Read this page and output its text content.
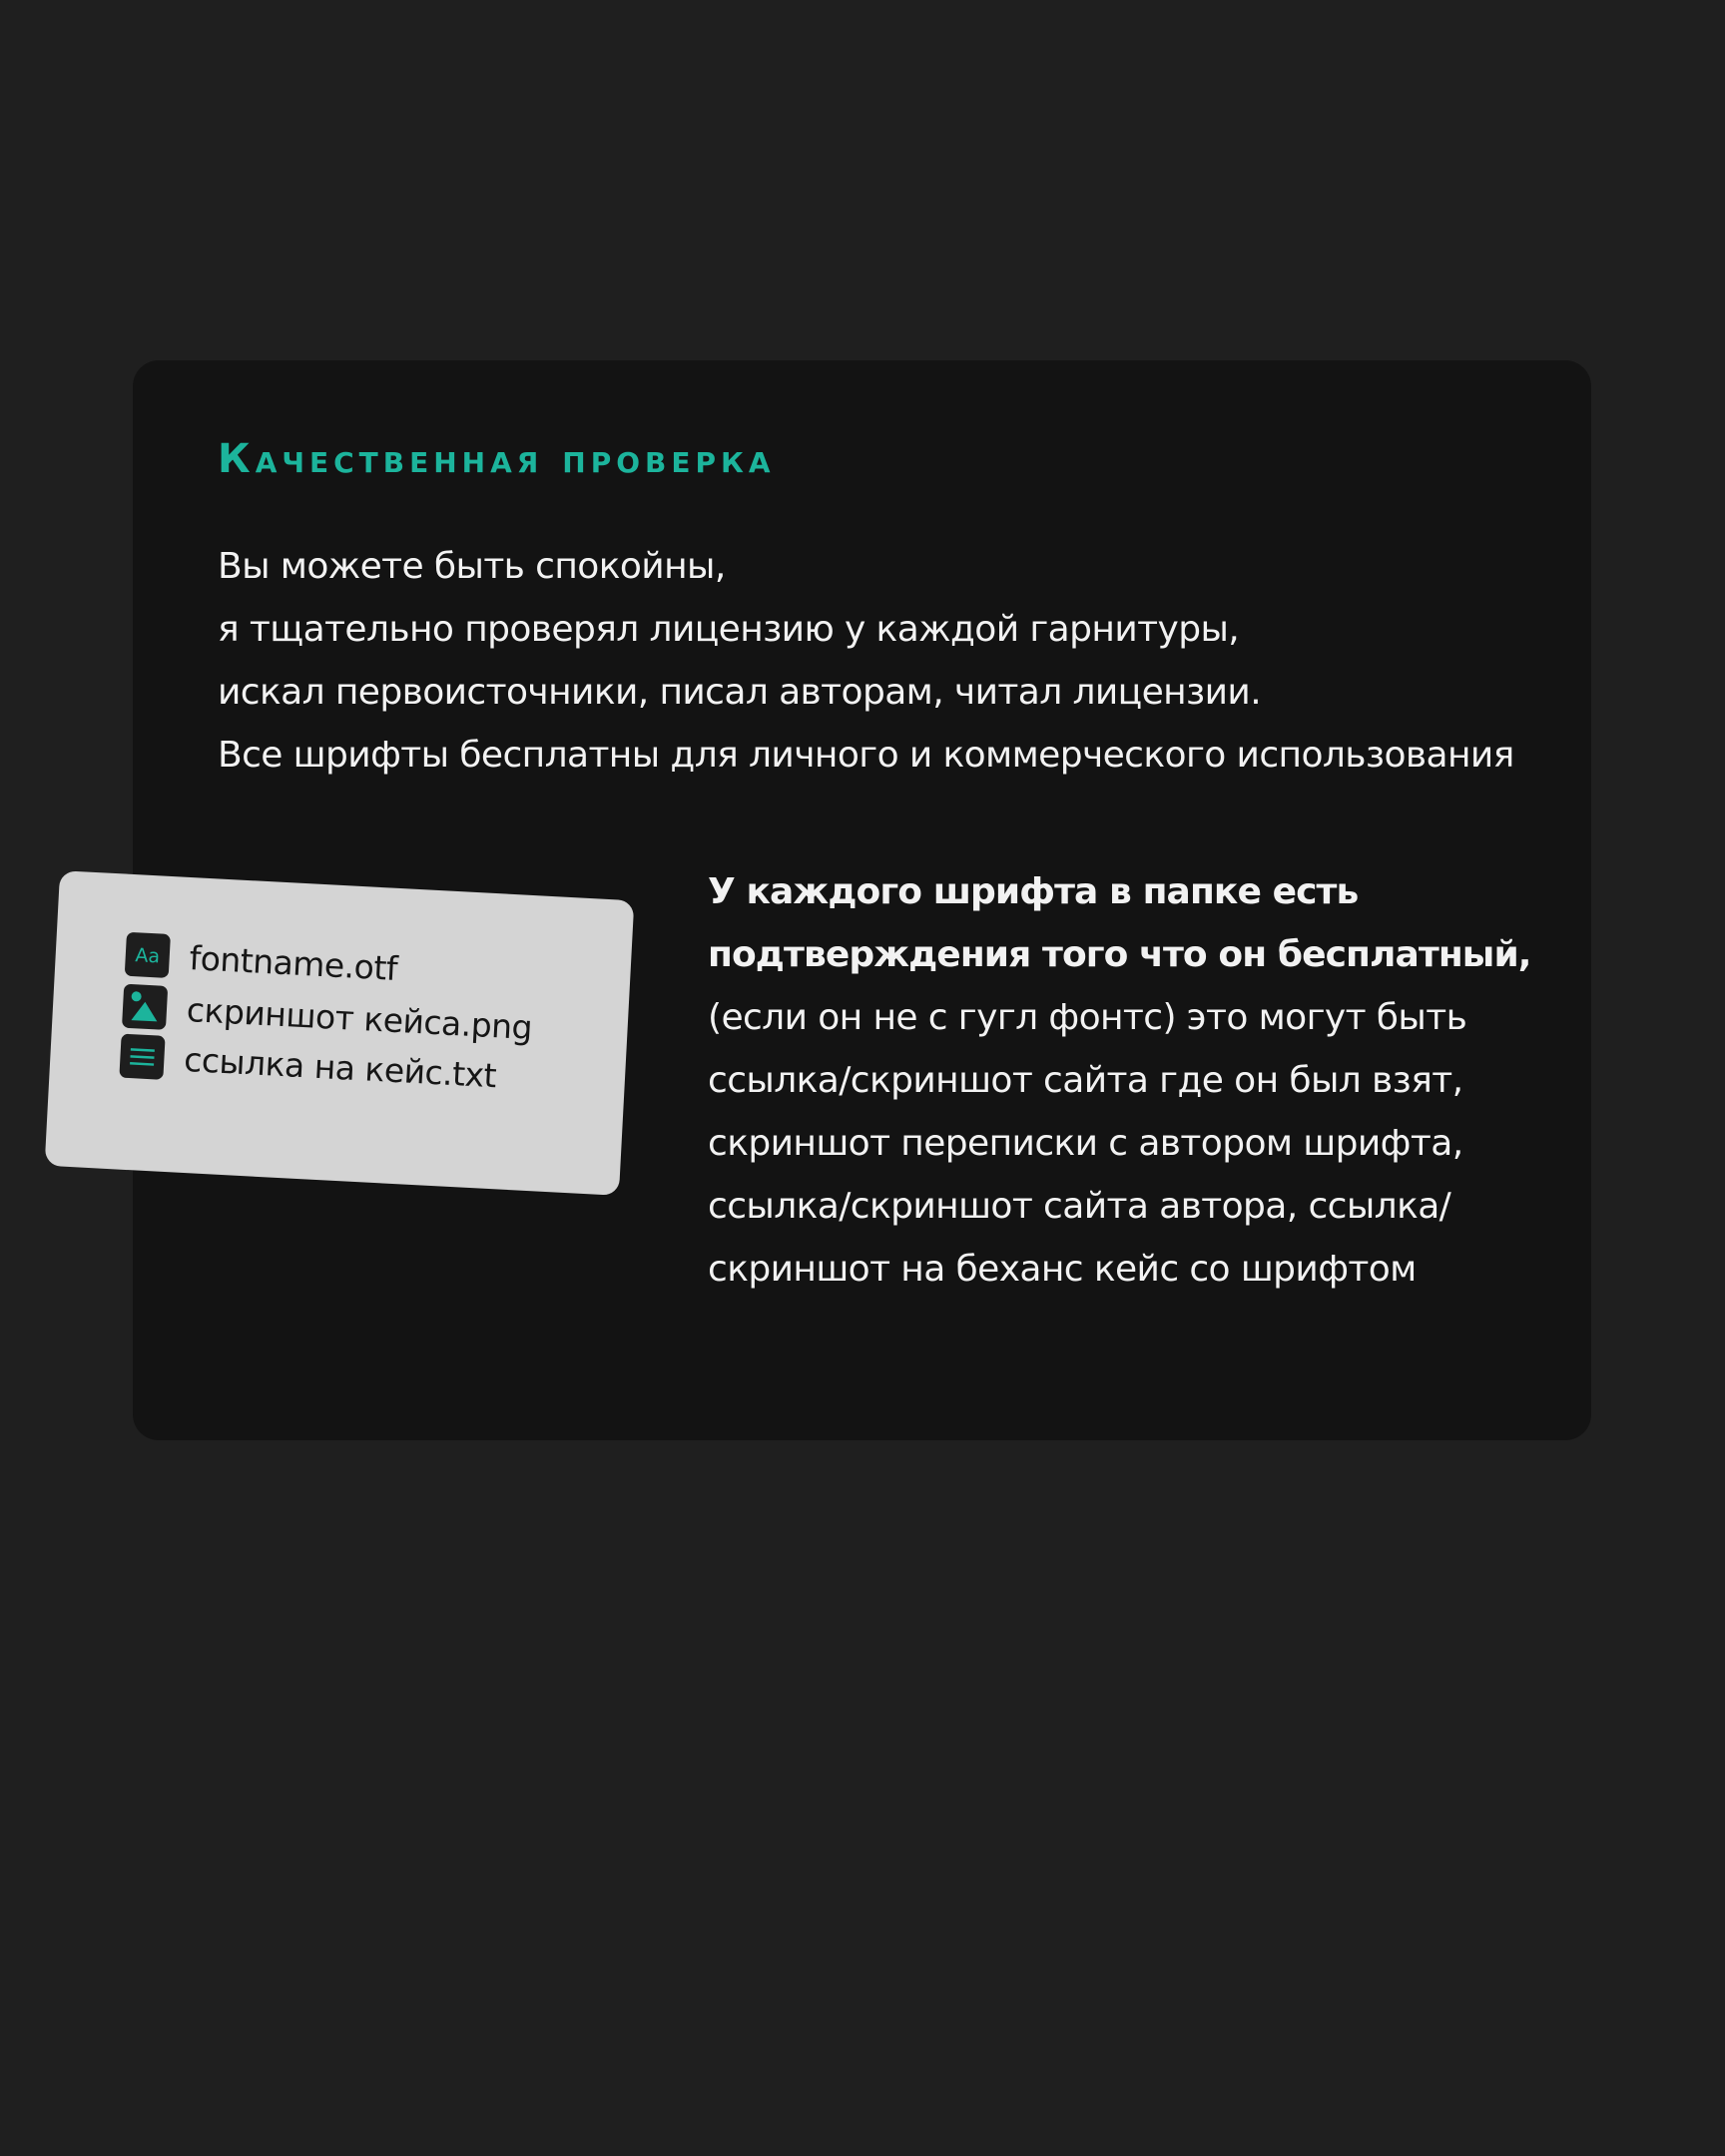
Качественная проверка
Вы можете быть спокойны,
я тщательно проверял лицензию у каждой гарнитуры,
искал первоисточники, писал авторам, читал лицензии.
Все шрифты бесплатны для личного и коммерческого использования
Aa fontname.otf
скриншот кейса.png
ссылка на кейс.txt
У каждого шрифта в папке есть
подтверждения того что он бесплатный,
(если он не с гугл фонтс) это могут быть
ссылка/скриншот сайта где он был взят,
скриншот переписки с автором шрифта,
ссылка/скриншот сайта автора, ссылка/
скриншот на беханс кейс со шрифтом
